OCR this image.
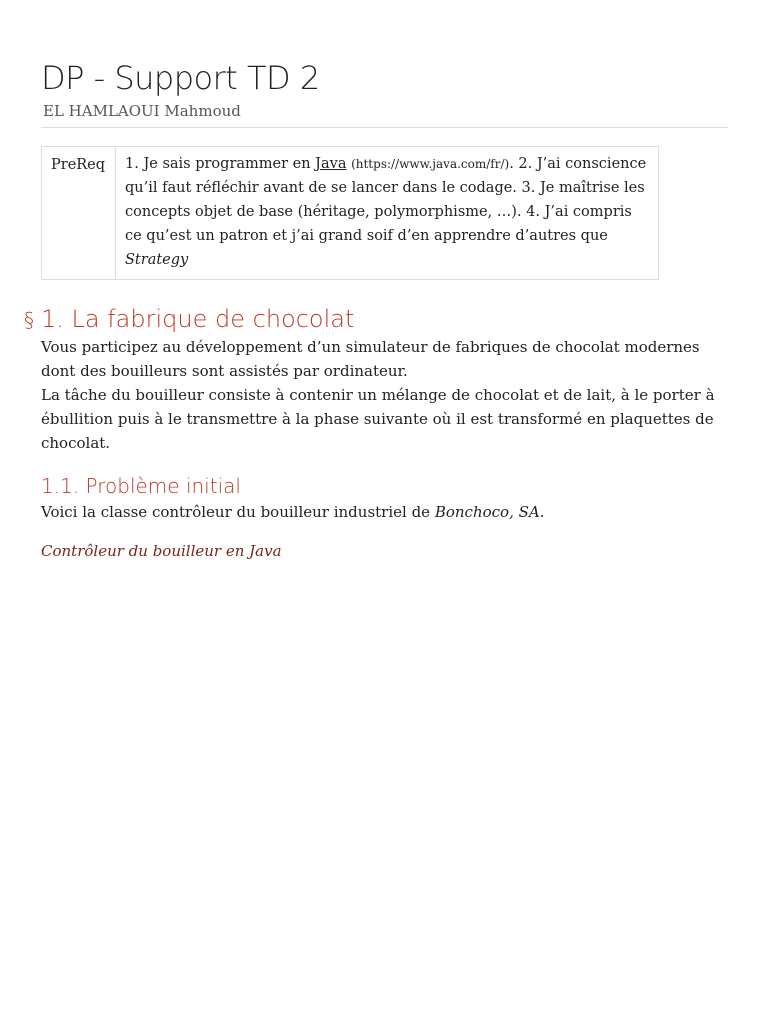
DP - Support TD 2
EL HAMLAOUI Mahmoud
PreReq	1. Je sais programmer en Java (https://www.java.com/fr/). 2. J’ai conscience qu’il faut réfléchir avant de se lancer dans le codage. 3. Je maîtrise les concepts objet de base (héritage, polymorphisme, …). 4. J’ai compris ce qu’est un patron et j’ai grand soif d’en apprendre d’autres que Strategy
§ 1. La fabrique de chocolat

Vous participez au développement d’un simulateur de fabriques de chocolat modernes dont des bouilleurs sont assistés par ordinateur.

La tâche du bouilleur consiste à contenir un mélange de chocolat et de lait, à le porter à ébullition puis à le transmettre à la phase suivante où il est transformé en plaquettes de chocolat.

1.1. Problème initial

Voici la classe contrôleur du bouilleur industriel de Bonchoco, SA.

Contrôleur du bouilleur en Java
